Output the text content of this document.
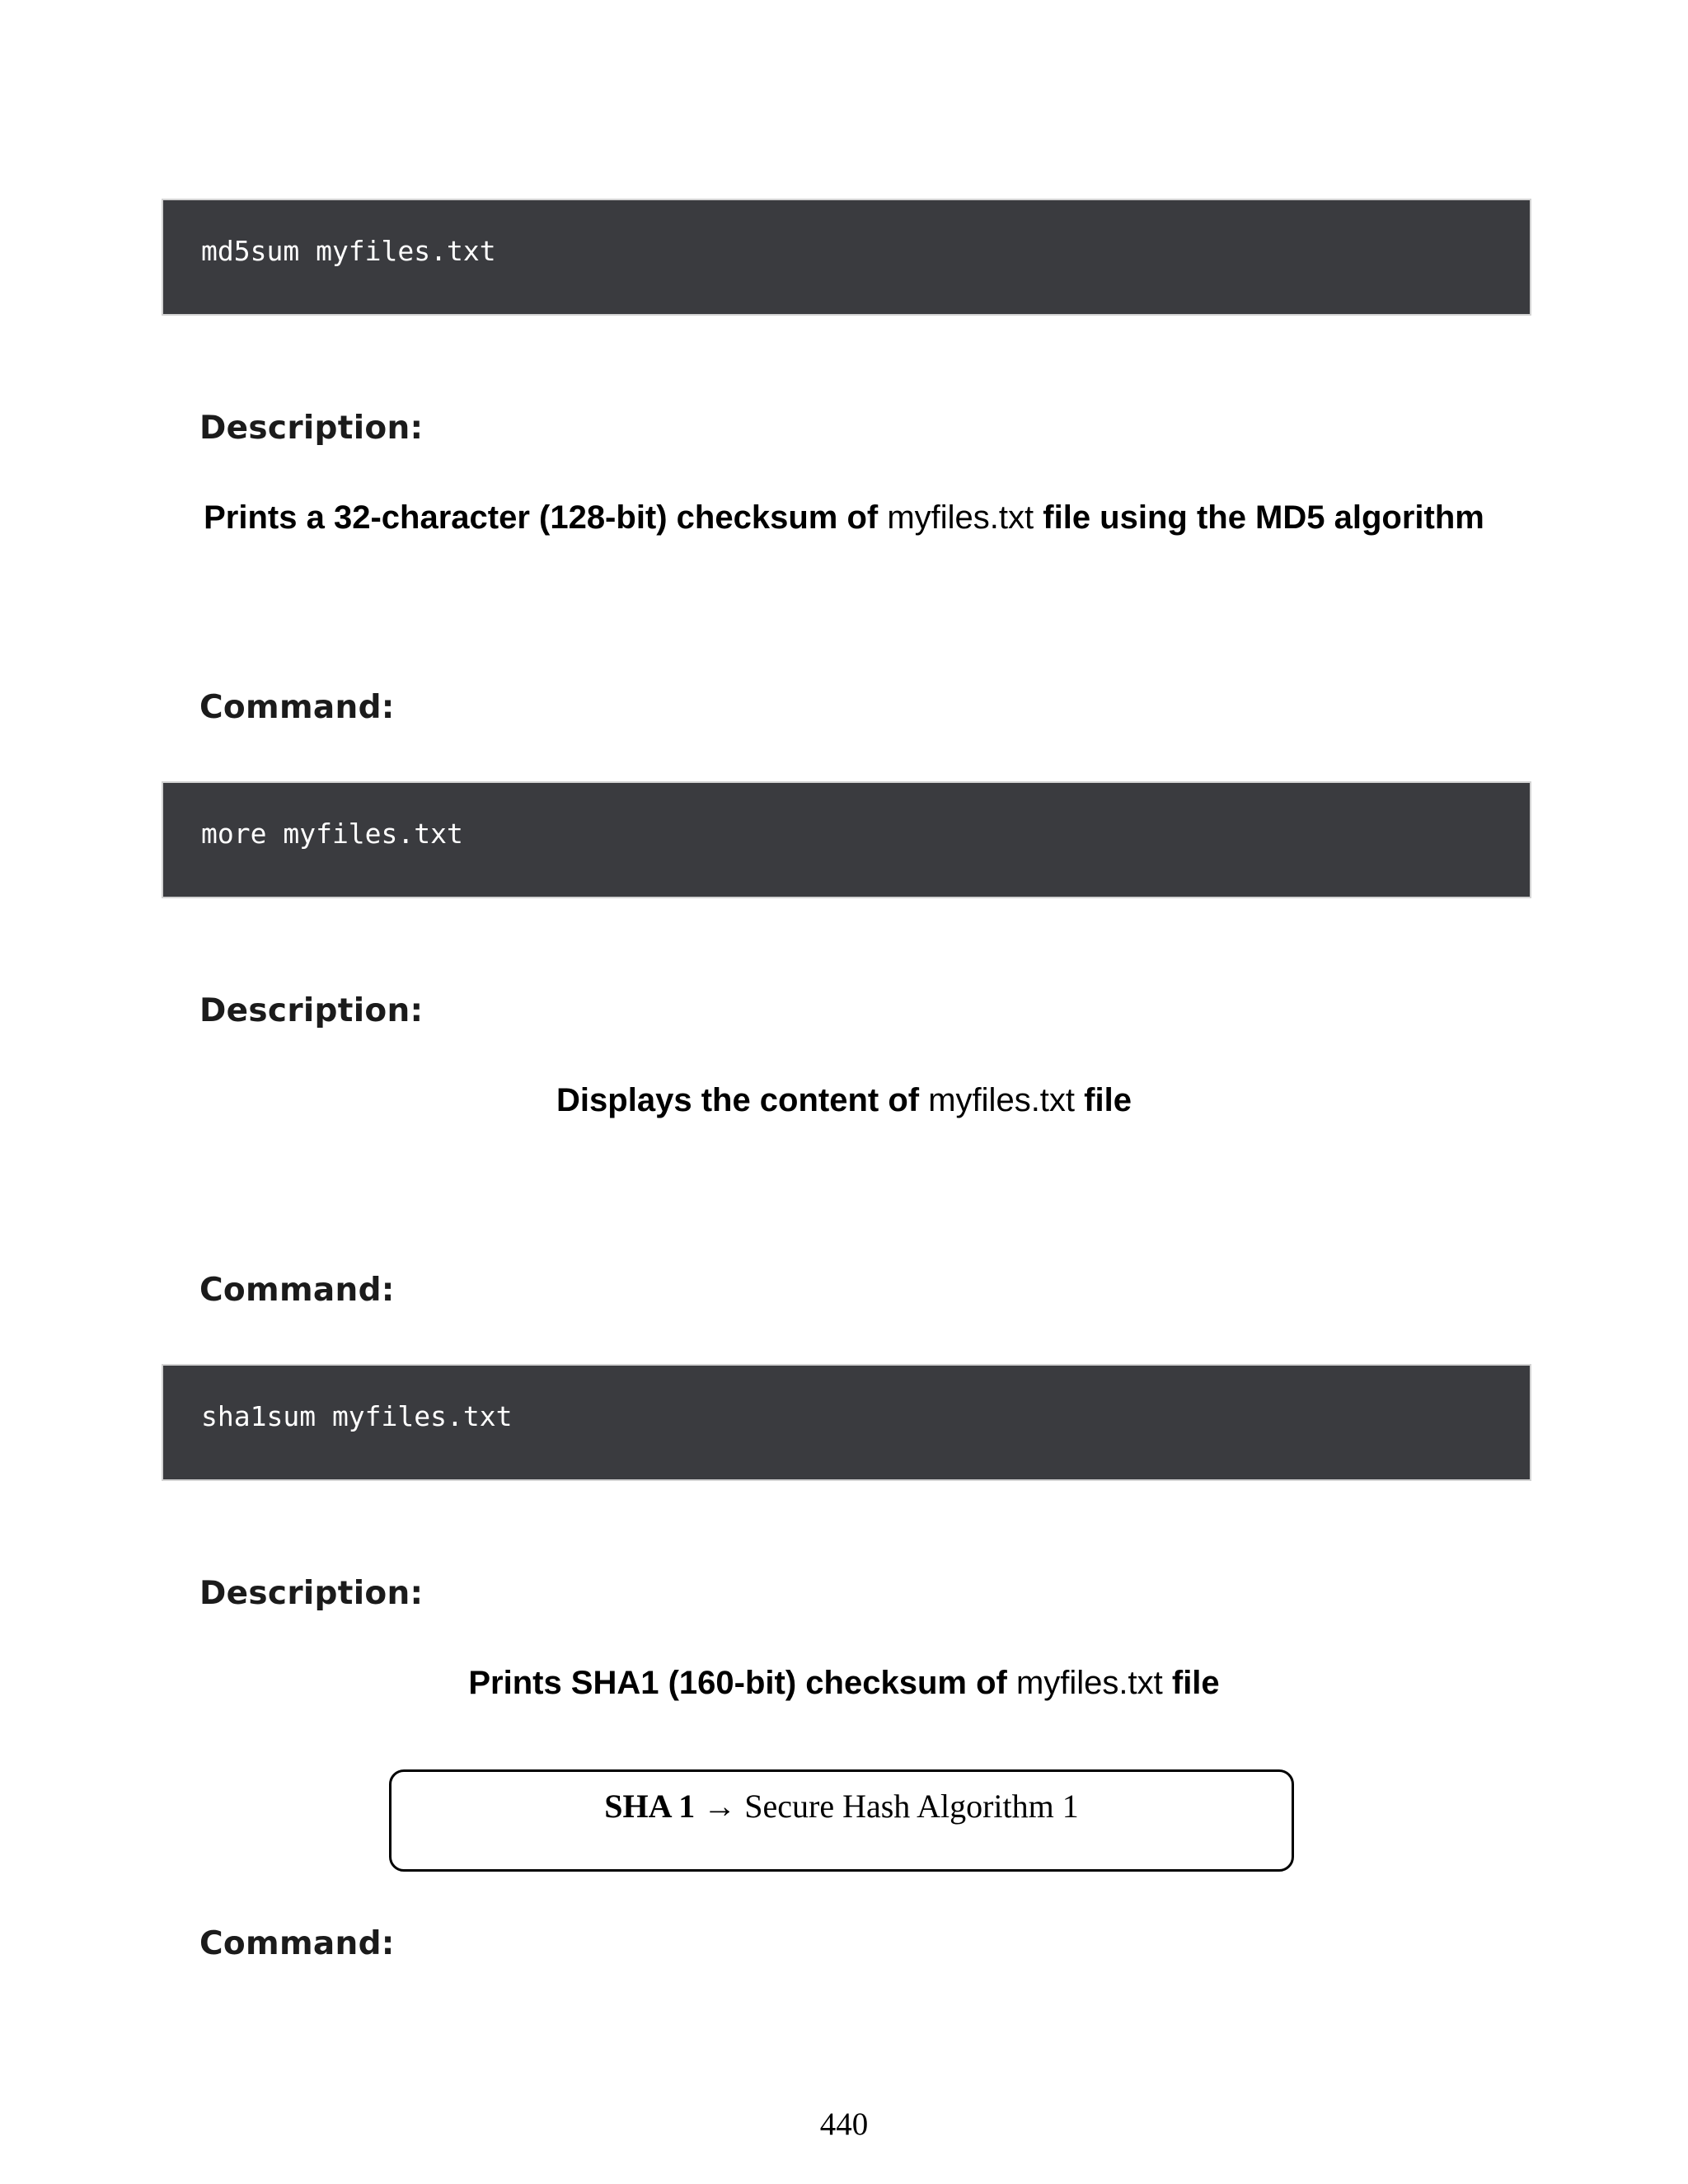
md5sum myfiles.txt
Description:
Prints a 32-character (128-bit) checksum of myfiles.txt file using the MD5 algorithm
Command:
more myfiles.txt
Description:
Displays the content of myfiles.txt file
Command:
sha1sum myfiles.txt
Description:
Prints SHA1 (160-bit) checksum of myfiles.txt file
SHA 1 → Secure Hash Algorithm 1
Command:
440
